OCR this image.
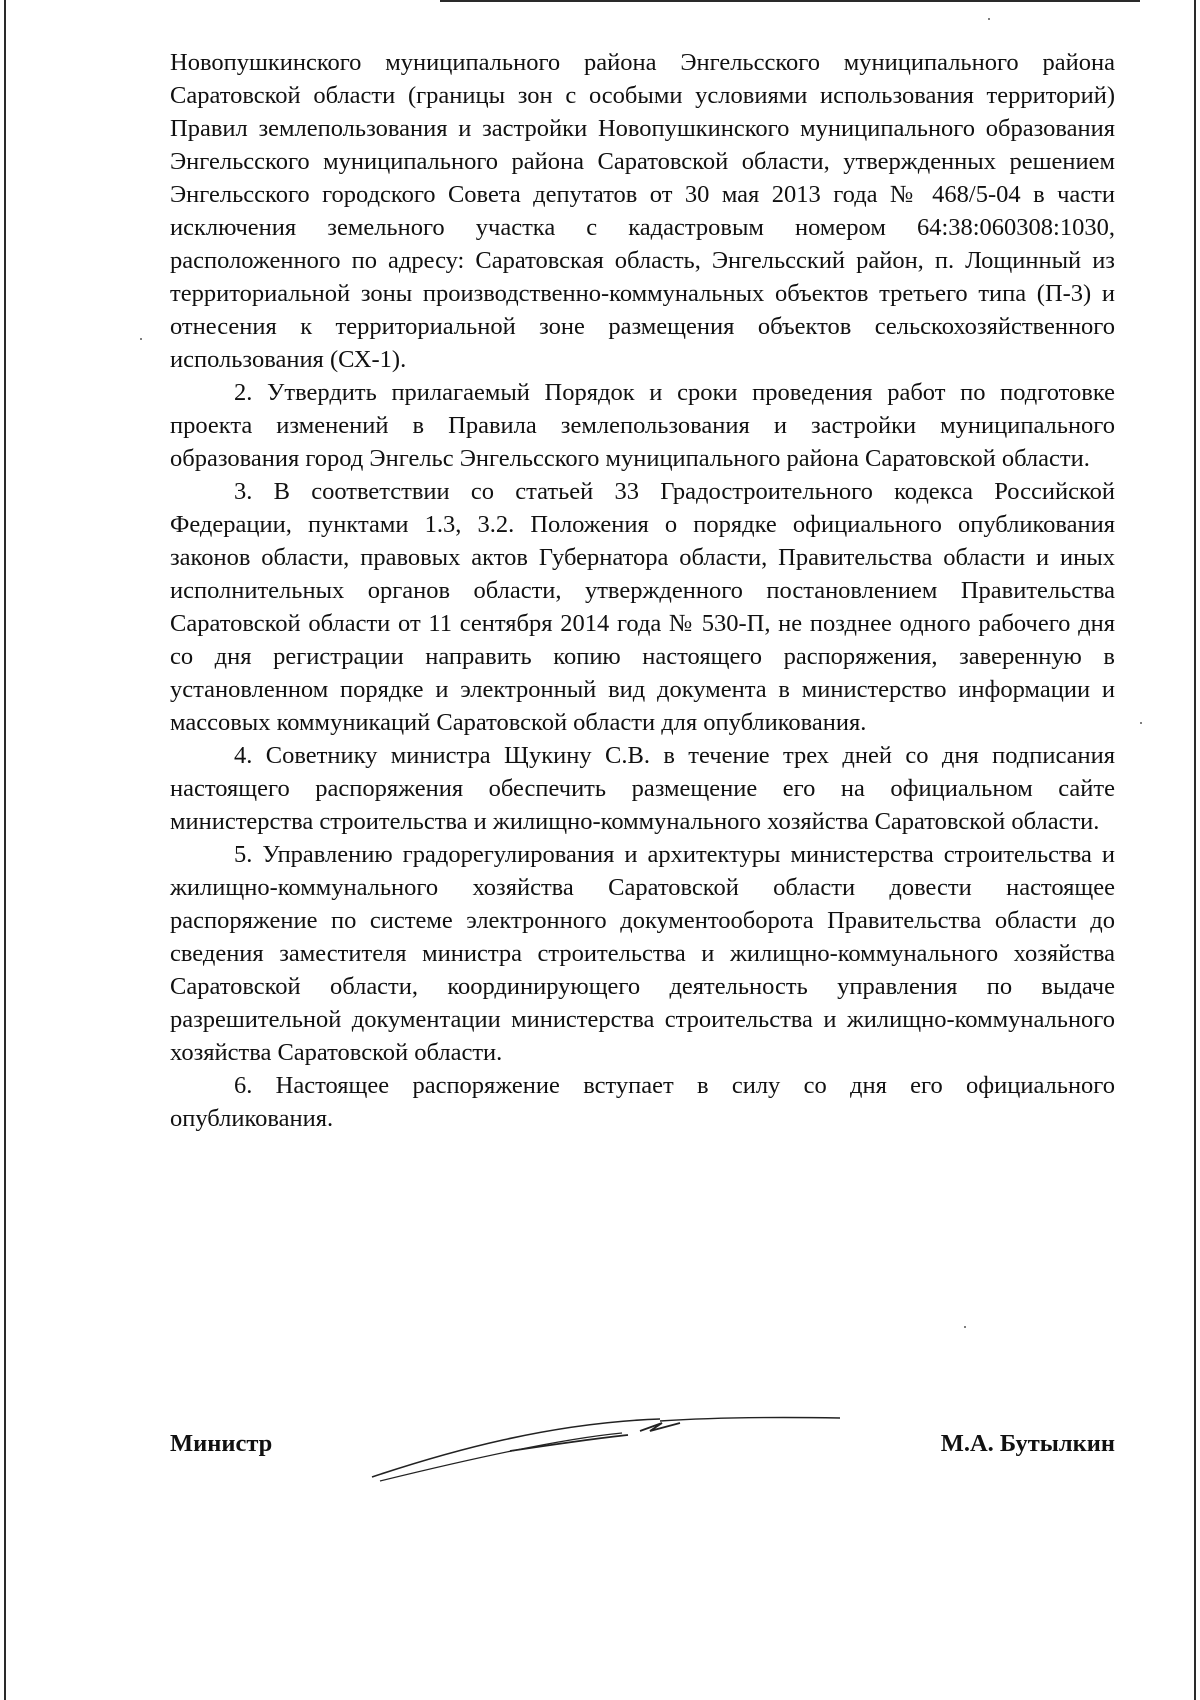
Новопушкинского муниципального района Энгельсского муниципального района Саратовской области (границы зон с особыми условиями использования территорий) Правил землепользования и застройки Новопушкинского муниципального образования Энгельсского муниципального района Саратовской области, утвержденных решением Энгельсского городского Совета депутатов от 30 мая 2013 года № 468/5-04 в части исключения земельного участка с кадастровым номером 64:38:060308:1030, расположенного по адресу: Саратовская область, Энгельсский район, п. Лощинный из территориальной зоны производственно-коммунальных объектов третьего типа (П-3) и отнесения к территориальной зоне размещения объектов сельскохозяйственного использования (СХ-1).

2. Утвердить прилагаемый Порядок и сроки проведения работ по подготовке проекта изменений в Правила землепользования и застройки муниципального образования город Энгельс Энгельсского муниципального района Саратовской области.

3. В соответствии со статьей 33 Градостроительного кодекса Российской Федерации, пунктами 1.3, 3.2. Положения о порядке официального опубликования законов области, правовых актов Губернатора области, Правительства области и иных исполнительных органов области, утвержденного постановлением Правительства Саратовской области от 11 сентября 2014 года № 530-П, не позднее одного рабочего дня со дня регистрации направить копию настоящего распоряжения, заверенную в установленном порядке и электронный вид документа в министерство информации и массовых коммуникаций Саратовской области для опубликования.

4. Советнику министра Щукину С.В. в течение трех дней со дня подписания настоящего распоряжения обеспечить размещение его на официальном сайте министерства строительства и жилищно-коммунального хозяйства Саратовской области.

5. Управлению градорегулирования и архитектуры министерства строительства и жилищно-коммунального хозяйства Саратовской области довести настоящее распоряжение по системе электронного документооборота Правительства области до сведения заместителя министра строительства и жилищно-коммунального хозяйства Саратовской области, координирующего деятельность управления по выдаче разрешительной документации министерства строительства и жилищно-коммунального хозяйства Саратовской области.

6. Настоящее распоряжение вступает в силу со дня его официального опубликования.

Министр	М.А. Бутылкин
